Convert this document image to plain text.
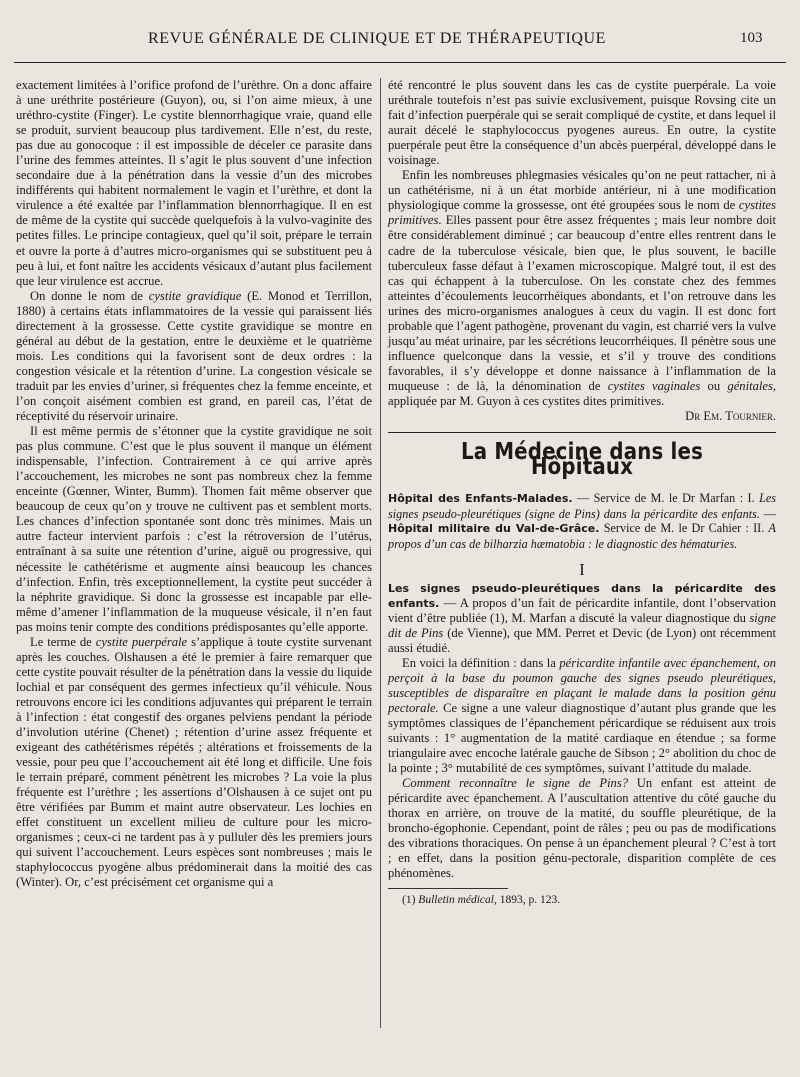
REVUE GÉNÉRALE DE CLINIQUE ET DE THÉRAPEUTIQUE	103

exactement limitées à l’orifice profond de l’urèthre. On a donc affaire à une uréthrite postérieure (Guyon), ou, si l’on aime mieux, à une uréthro-cystite (Finger). Le cystite blennorrhagique vraie, quand elle se produit, survient beaucoup plus tardivement. Elle n’est, du reste, pas due au gonocoque : il est impossible de déceler ce parasite dans l’urine des femmes atteintes. Il s’agit le plus souvent d’une infection secondaire due à la pénétration dans la vessie d’un des microbes indifférents qui habitent normalement le vagin et l’urèthre, et dont la virulence a été exaltée par l’inflammation blennorrhagique. Il en est de même de la cystite qui succède quelquefois à la vulvo-vaginite des petites filles. Le principe contagieux, quel qu’il soit, prépare le terrain et ouvre la porte à d’autres micro-organismes qui se substituent peu à peu à lui, et font naître les accidents vésicaux d’autant plus facilement que leur virulence est accrue.

On donne le nom de cystite gravidique (E. Monod et Terrillon, 1880) à certains états inflammatoires de la vessie qui paraissent liés directement à la grossesse. Cette cystite gravidique se montre en général au début de la gestation, entre le deuxième et le quatrième mois. Les conditions qui la favorisent sont de deux ordres : la congestion vésicale et la rétention d’urine. La congestion vésicale se traduit par les envies d’uriner, si fréquentes chez la femme enceinte, et l’on conçoit aisément combien est grand, en pareil cas, l’état de réceptivité du réservoir urinaire.

Il est même permis de s’étonner que la cystite gravidique ne soit pas plus commune. C’est que le plus souvent il manque un élément indispensable, l’infection. Contrairement à ce qui arrive après l’accouchement, les microbes ne sont pas nombreux chez la femme enceinte (Gœnner, Winter, Bumm). Thomen fait même observer que beaucoup de ceux qu’on y trouve ne cultivent pas et semblent morts. Les chances d’infection spontanée sont donc très minimes. Mais un autre facteur intervient parfois : c’est la rétroversion de l’utérus, entraînant à sa suite une rétention d’urine, aiguë ou progressive, qui nécessite le cathétérisme et augmente ainsi beaucoup les chances d’infection. Enfin, très exceptionnellement, la cystite peut succéder à la néphrite gravidique. Si donc la grossesse est incapable par elle-même d’amener l’inflammation de la muqueuse vésicale, il n’en faut pas moins tenir compte des conditions prédisposantes qu’elle apporte.

Le terme de cystite puerpérale s’applique à toute cystite survenant après les couches. Olshausen a été le premier à faire remarquer que cette cystite pouvait résulter de la pénétration dans la vessie du liquide lochial et par conséquent des germes infectieux qu’il véhicule. Nous retrouvons encore ici les conditions adjuvantes qui préparent le terrain à l’infection : état congestif des organes pelviens pendant la période d’involution utérine (Chenet) ; rétention d’urine assez fréquente et exigeant des cathétérismes répétés ; altérations et froissements de la vessie, pour peu que l’accouchement ait été long et difficile. Une fois le terrain préparé, comment pénètrent les microbes ? La voie la plus fréquente est l’urèthre ; les assertions d’Olshausen à ce sujet ont pu être vérifiées par Bumm et maint autre observateur. Les lochies en effet constituent un excellent milieu de culture pour les micro-organismes ; ceux-ci ne tardent pas à y pulluler dès les premiers jours qui suivent l’accouchement. Leurs espèces sont nombreuses ; mais le staphylococcus pyogène albus prédominerait dans la moitié des cas (Winter). Or, c’est précisément cet organisme qui a

été rencontré le plus souvent dans les cas de cystite puerpérale. La voie uréthrale toutefois n’est pas suivie exclusivement, puisque Rovsing cite un fait d’infection puerpérale qui se serait compliqué de cystite, et dans lequel il aurait décelé le staphylococcus pyogenes aureus. En outre, la cystite puerpérale peut être la conséquence d’un abcès puerpéral, développé dans le voisinage.

Enfin les nombreuses phlegmasies vésicales qu’on ne peut rattacher, ni à un cathétérisme, ni à un état morbide antérieur, ni à une modification physiologique comme la grossesse, ont été groupées sous le nom de cystites primitives. Elles passent pour être assez fréquentes ; mais leur nombre doit être considérablement diminué ; car beaucoup d’entre elles rentrent dans le cadre de la tuberculose vésicale, bien que, le plus souvent, le bacille tuberculeux fasse défaut à l’examen microscopique. Malgré tout, il est des cas qui échappent à la tuberculose. On les constate chez des femmes atteintes d’écoulements leucorrhéiques abondants, et l’on retrouve dans les urines des micro-organismes analogues à ceux du vagin. Il est donc fort probable que l’agent pathogène, provenant du vagin, est charrié vers la vulve jusqu’au méat urinaire, par les sécrétions leucorrhéiques. Il pénètre sous une influence quelconque dans la vessie, et s’il y trouve des conditions favorables, il s’y développe et donne naissance à l’inflammation de la muqueuse : de là, la dénomination de cystites vaginales ou génitales, appliquée par M. Guyon à ces cystites dites primitives.

Dr Em. Tournier.

La Médecine dans les Hôpitaux

Hôpital des Enfants-Malades. — Service de M. le Dr Marfan : I. Les signes pseudo-pleurétiques (signe de Pins) dans la péricardite des enfants. — Hôpital militaire du Val-de-Grâce. Service de M. le Dr Cahier : II. A propos d’un cas de bilharzia hæmatobia : le diagnostic des hématuries.

I

Les signes pseudo-pleurétiques dans la péricardite des enfants. — A propos d’un fait de péricardite infantile, dont l’observation vient d’être publiée (1), M. Marfan a discuté la valeur diagnostique du signe dit de Pins (de Vienne), que MM. Perret et Devic (de Lyon) ont récemment aussi étudié.

En voici la définition : dans la péricardite infantile avec épanchement, on perçoit à la base du poumon gauche des signes pseudo pleurétiques, susceptibles de disparaître en plaçant le malade dans la position génu pectorale. Ce signe a une valeur diagnostique d’autant plus grande que les symptômes classiques de l’épanchement péricardique se réduisent aux trois suivants : 1° augmentation de la matité cardiaque en étendue ; sa forme triangulaire avec encoche latérale gauche de Sibson ; 2° abolition du choc de la pointe ; 3° mutabilité de ces symptômes, suivant l’attitude du malade.

Comment reconnaître le signe de Pins? Un enfant est atteint de péricardite avec épanchement. A l’auscultation attentive du côté gauche du thorax en arrière, on trouve de la matité, du souffle pleurétique, de la broncho-égophonie. Cependant, point de râles ; peu ou pas de modifications des vibrations thoraciques. On pense à un épanchement pleural ? C’est à tort ; en effet, dans la position génu-pectorale, disparition complète de ces phénomènes.

(1) Bulletin médical, 1893, p. 123.
